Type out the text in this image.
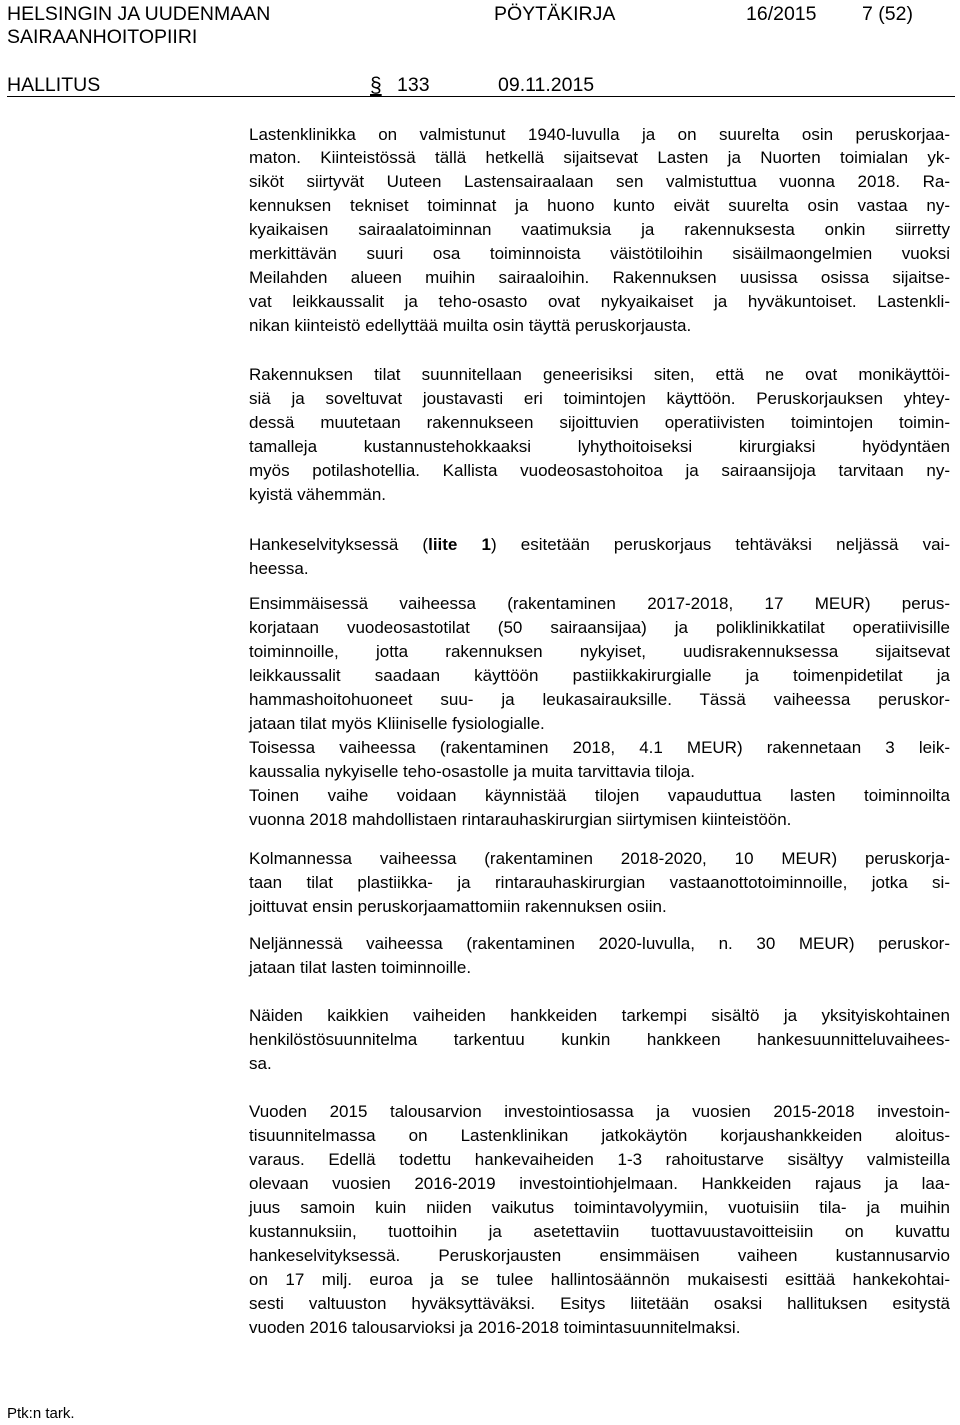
HELSINGIN JA UUDENMAAN
SAIRAANHOITOPIIRI
PÖYTÄKIRJA	16/2015 7 (52)
HALLITUS	§ 133	09.11.2015
Lastenklinikka on valmistunut 1940-luvulla ja on suurelta osin peruskorjaa-
maton. Kiinteistössä tällä hetkellä sijaitsevat Lasten ja Nuorten toimialan yk-
siköt siirtyvät Uuteen Lastensairaalaan sen valmistuttua vuonna 2018. Ra-
kennuksen tekniset toiminnat ja huono kunto eivät suurelta osin vastaa ny-
kyaikaisen sairaalatoiminnan vaatimuksia ja rakennuksesta onkin siirretty
merkittävän suuri osa toiminnoista väistötiloihin sisäilmaongelmien vuoksi
Meilahden alueen muihin sairaaloihin. Rakennuksen uusissa osissa sijaitse-
vat leikkaussalit ja teho-osasto ovat nykyaikaiset ja hyväkuntoiset. Lastenkli-
nikan kiinteistö edellyttää muilta osin täyttä peruskorjausta.
Rakennuksen tilat suunnitellaan geneerisiksi siten, että ne ovat monikäyttöi-
siä ja soveltuvat joustavasti eri toimintojen käyttöön. Peruskorjauksen yhtey-
dessä muutetaan rakennukseen sijoittuvien operatiivisten toimintojen toimin-
tamalleja kustannustehokkaaksi lyhythoitoiseksi kirurgiaksi hyödyntäen
myös potilashotellia. Kallista vuodeosastohoitoa ja sairaansijoja tarvitaan ny-
kyistä vähemmän.
Hankeselvityksessä (liite 1) esitetään peruskorjaus tehtäväksi neljässä vai-
heessa.
Ensimmäisessä vaiheessa (rakentaminen 2017-2018, 17 MEUR) perus-
korjataan vuodeosastotilat (50 sairaansijaa) ja poliklinikkatilat operatiivisille
toiminnoille, jotta rakennuksen nykyiset, uudisrakennuksessa sijaitsevat
leikkaussalit saadaan käyttöön pastiikkakirurgialle ja toimenpidetilat ja
hammashoitohuoneet suu- ja leukasairauksille. Tässä vaiheessa peruskor-
jataan tilat myös Kliiniselle fysiologialle.
Toisessa vaiheessa (rakentaminen 2018, 4.1 MEUR) rakennetaan 3 leik-
kaussalia nykyiselle teho-osastolle ja muita tarvittavia tiloja.
Toinen vaihe voidaan käynnistää tilojen vapauduttua lasten toiminnoilta
vuonna 2018 mahdollistaen rintarauhaskirurgian siirtymisen kiinteistöön.
Kolmannessa vaiheessa (rakentaminen 2018-2020, 10 MEUR) peruskorja-
taan tilat plastiikka- ja rintarauhaskirurgian vastaanottotoiminnoille, jotka si-
joittuvat ensin peruskorjaamattomiin rakennuksen osiin.
Neljännessä vaiheessa (rakentaminen 2020-luvulla, n. 30 MEUR) peruskor-
jataan tilat lasten toiminnoille.
Näiden kaikkien vaiheiden hankkeiden tarkempi sisältö ja yksityiskohtainen
henkilöstösuunnitelma tarkentuu kunkin hankkeen hankesuunnitteluvaihees-
sa.
Vuoden 2015 talousarvion investointiosassa ja vuosien 2015-2018 investoin-
tisuunnitelmassa on Lastenklinikan jatkokäytön korjaushankkeiden aloitus-
varaus. Edellä todettu hankevaiheiden 1-3 rahoitustarve sisältyy valmisteilla
olevaan vuosien 2016-2019 investointiohjelmaan. Hankkeiden rajaus ja laa-
juus samoin kuin niiden vaikutus toimintavolyymiin, vuotuisiin tila- ja muihin
kustannuksiin, tuottoihin ja asetettaviin tuottavuustavoitteisiin on kuvattu
hankeselvityksessä. Peruskorjausten ensimmäisen vaiheen kustannusarvio
on 17 milj. euroa ja se tulee hallintosäännön mukaisesti esittää hankekohtai-
sesti valtuuston hyväksyttäväksi. Esitys liitetään osaksi hallituksen esitystä
vuoden 2016 talousarvioksi ja 2016-2018 toimintasuunnitelmaksi.
Ptk:n tark.
